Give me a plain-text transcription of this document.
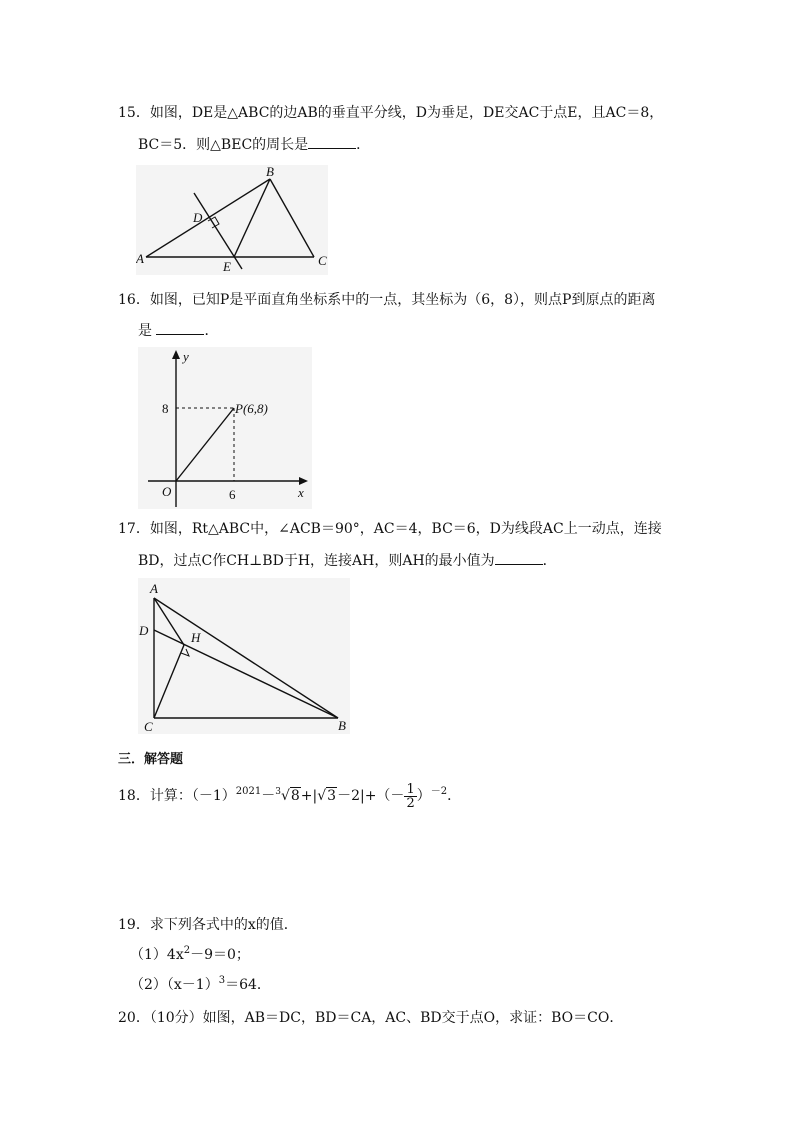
15．如图，DE是△ABC的边AB的垂直平分线，D为垂足，DE交AC于点E，且AC＝8，
BC＝5．则△BEC的周长是	．
A
B
C
D
E
16．如图，已知P是平面直角坐标系中的一点，其坐标为（6，8），则点P到原点的距离
是	．
y
x
O
8
6
P(6,8)
17．如图，Rt△ABC中，∠ACB＝90°，AC＝4，BC＝6，D为线段AC上一动点，连接
BD，过点C作CH⊥BD于H，连接AH，则AH的最小值为	．
A
B
C
D	H
三．解答题
18．计算：$(-1)^{2021}-^3√8+|√3-2|+(- \frac{1}{2} )^{-2}$．
19．求下列各式中的x的值．
$(1)4x^2-9=0$；
$(2)(x-1)^3=64$．
20．（10分）如图，AB＝DC，BD＝CA，AC、BD交于点O，求证：BO＝CO．
